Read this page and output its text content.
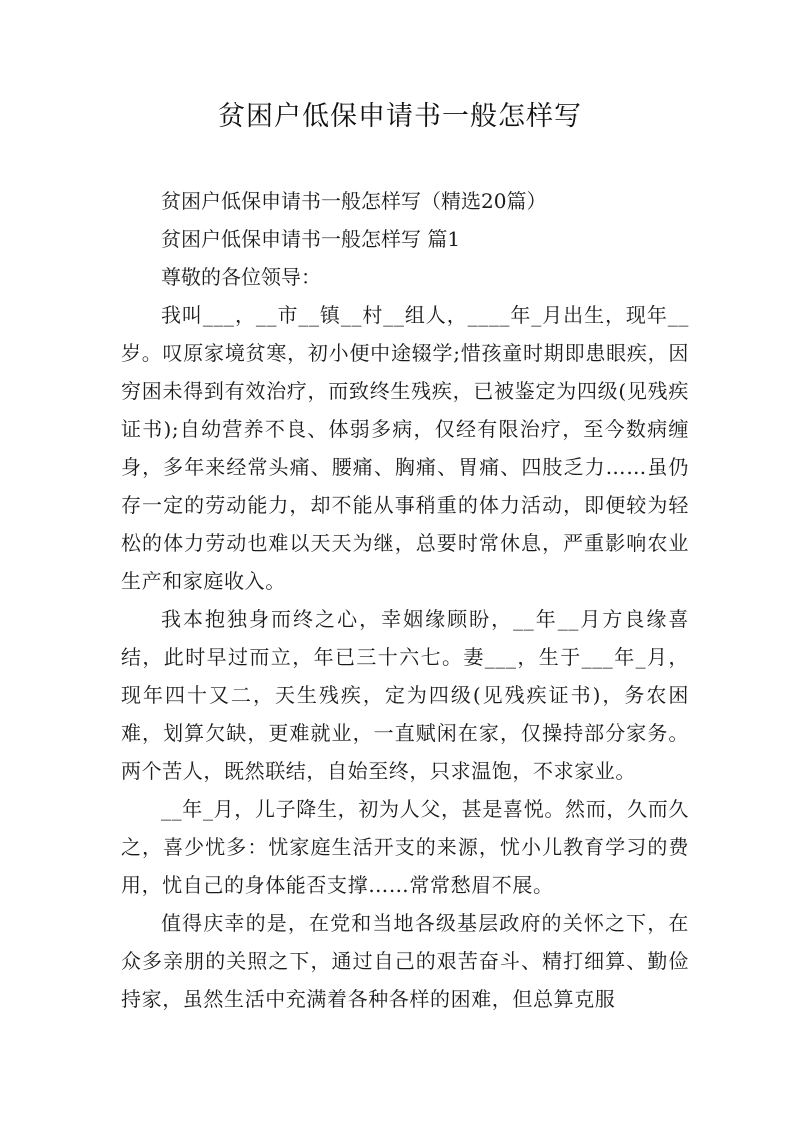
贫困户低保申请书一般怎样写

贫困户低保申请书一般怎样写（精选20篇）

贫困户低保申请书一般怎样写 篇1

尊敬的各位领导：

我叫___，__市__镇__村__组人，____年_月出生，现年__岁。叹原家境贫寒，初小便中途辍学;惜孩童时期即患眼疾，因穷困未得到有效治疗，而致终生残疾，已被鉴定为四级(见残疾证书);自幼营养不良、体弱多病，仅经有限治疗，至今数病缠身，多年来经常头痛、腰痛、胸痛、胃痛、四肢乏力……虽仍存一定的劳动能力，却不能从事稍重的体力活动，即便较为轻松的体力劳动也难以天天为继，总要时常休息，严重影响农业生产和家庭收入。

我本抱独身而终之心，幸姻缘顾盼，__年__月方良缘喜结，此时早过而立，年已三十六七。妻___，生于___年_月，现年四十又二，天生残疾，定为四级(见残疾证书)，务农困难，划算欠缺，更难就业，一直赋闲在家，仅操持部分家务。两个苦人，既然联结，自始至终，只求温饱，不求家业。

__年_月，儿子降生，初为人父，甚是喜悦。然而，久而久之，喜少忧多：忧家庭生活开支的来源，忧小儿教育学习的费用，忧自己的身体能否支撑……常常愁眉不展。

值得庆幸的是，在党和当地各级基层政府的关怀之下，在众多亲朋的关照之下，通过自己的艰苦奋斗、精打细算、勤俭持家，虽然生活中充满着各种各样的困难，但总算克服
